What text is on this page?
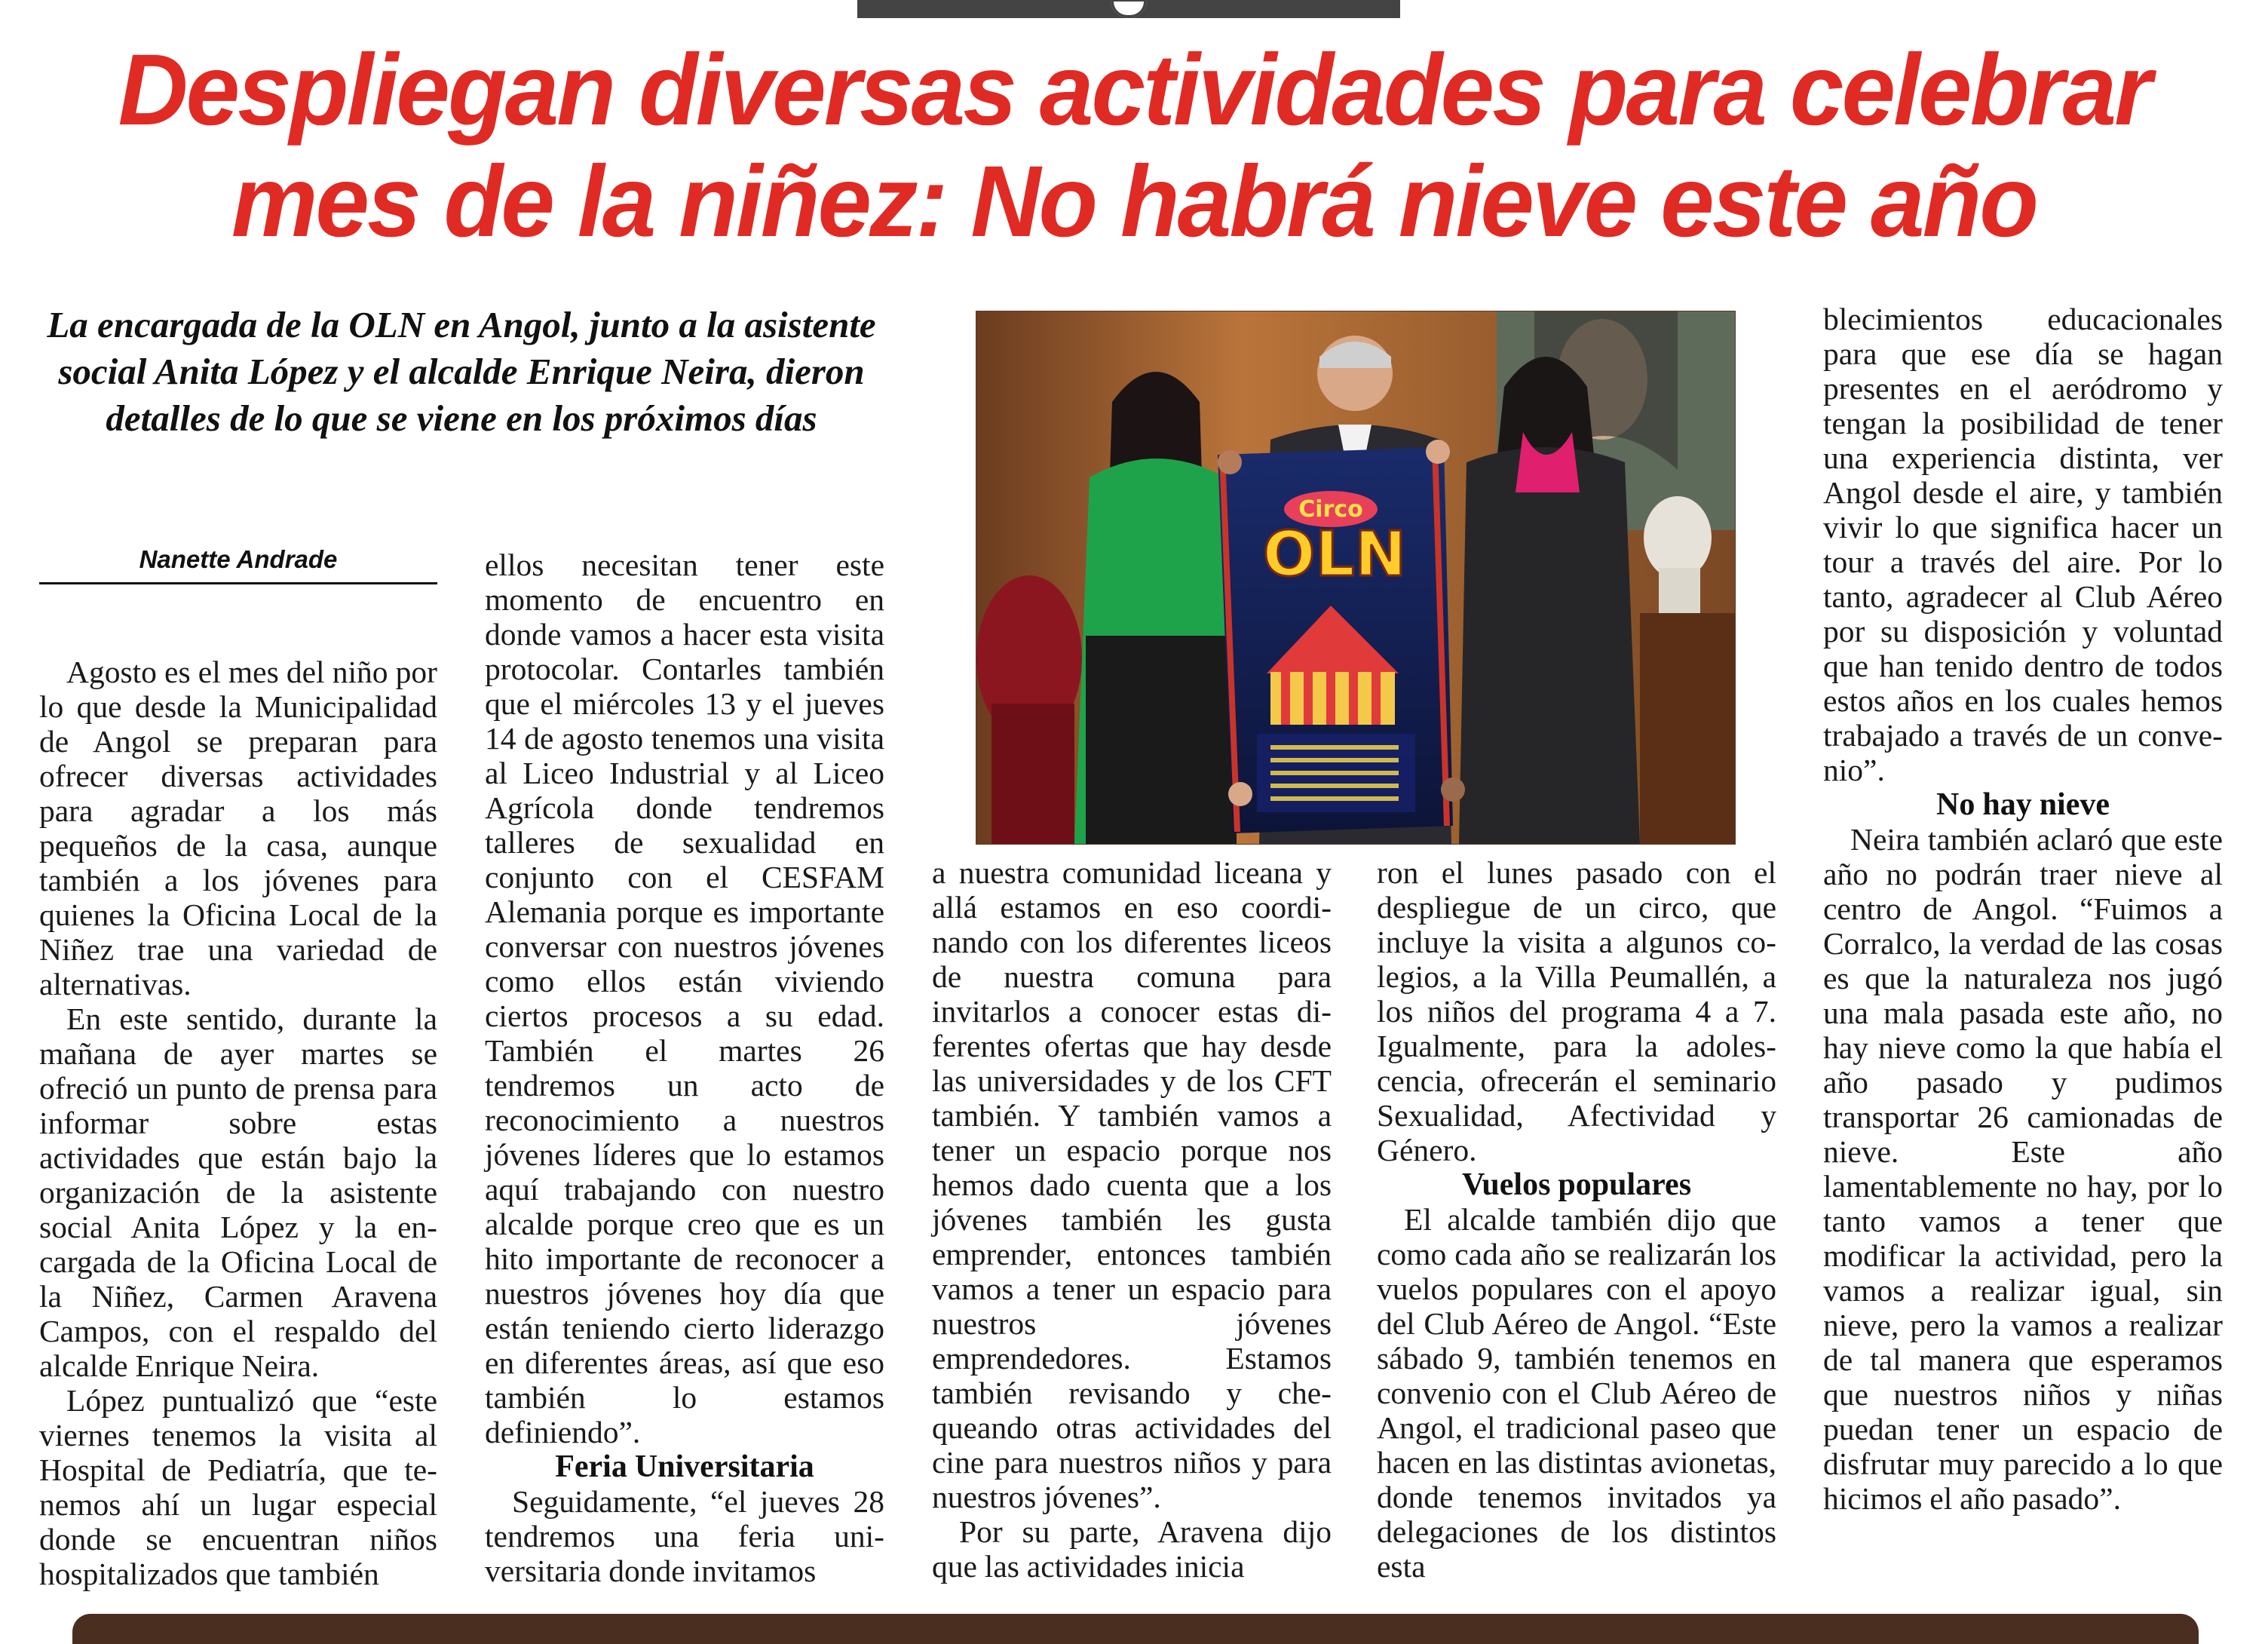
Despliegan diversas actividades para celebrar
mes de la niñez: No habrá nieve este año
La encargada de la OLN en Angol, junto a la asistente social Anita López y el alcalde Enrique Neira, dieron detalles de lo que se viene en los próximos días
Nanette Andrade

Agosto es el mes del niño por lo que desde la Municipalidad de Angol se preparan para ofrecer diversas actividades para agradar a los más pequeños de la casa, aunque también a los jóvenes para quienes la Oficina Local de la Niñez trae una variedad de alternativas.

En este sentido, durante la mañana de ayer martes se ofreció un punto de prensa para informar sobre estas actividades que están bajo la organización de la asistente social Anita López y la encargada de la Oficina Local de la Niñez, Carmen Aravena Campos, con el respaldo del alcalde Enrique Neira.

López puntualizó que “este viernes tenemos la visita al Hospital de Pediatría, que tenemos ahí un lugar especial donde se encuentran niños hospitalizados que también

ellos necesitan tener este momento de encuentro en donde vamos a hacer esta visita protocolar. Contarles también que el miércoles 13 y el jueves 14 de agosto tenemos una visita al Liceo Industrial y al Liceo Agrícola donde tendremos talleres de sexualidad en conjunto con el CESFAM Alemania porque es importante conversar con nuestros jóvenes como ellos están viviendo ciertos procesos a su edad. También el martes 26 tendremos un acto de reconocimiento a nuestros jóvenes líderes que lo estamos aquí trabajando con nuestro alcalde porque creo que es un hito importante de reconocer a nuestros jóvenes hoy día que están teniendo cierto liderazgo en diferentes áreas, así que eso también lo estamos definiendo”.

Feria Universitaria

Seguidamente, “el jueves 28 tendremos una feria universitaria donde invitamos

Circo
OLN

a nuestra comunidad liceana y allá estamos en eso coordinando con los diferentes liceos de nuestra comuna para invitarlos a conocer estas diferentes ofertas que hay desde las universidades y de los CFT también. Y también vamos a tener un espacio porque nos hemos dado cuenta que a los jóvenes también les gusta emprender, entonces también vamos a tener un espacio para nuestros jóvenes emprendedores. Estamos también revisando y chequeando otras actividades del cine para nuestros niños y para nuestros jóvenes”.

Por su parte, Aravena dijo que las actividades inicia

ron el lunes pasado con el despliegue de un circo, que incluye la visita a algunos colegios, a la Villa Peumallén, a los niños del programa 4 a 7. Igualmente, para la adolescencia, ofrecerán el seminario Sexualidad, Afectividad y Género.

Vuelos populares

El alcalde también dijo que como cada año se realizarán los vuelos populares con el apoyo del Club Aéreo de Angol. “Este sábado 9, también tenemos en convenio con el Club Aéreo de Angol, el tradicional paseo que hacen en las distintas avionetas, donde tenemos invitados ya delegaciones de los distintos esta

blecimientos educacionales para que ese día se hagan presentes en el aeródromo y tengan la posibilidad de tener una experiencia distinta, ver Angol desde el aire, y también vivir lo que significa hacer un tour a través del aire. Por lo tanto, agradecer al Club Aéreo por su disposición y voluntad que han tenido dentro de todos estos años en los cuales hemos trabajado a través de un convenio”.

No hay nieve

Neira también aclaró que este año no podrán traer nieve al centro de Angol. “Fuimos a Corralco, la verdad de las cosas es que la naturaleza nos jugó una mala pasada este año, no hay nieve como la que había el año pasado y pudimos transportar 26 camionadas de nieve. Este año lamentablemente no hay, por lo tanto vamos a tener que modificar la actividad, pero la vamos a realizar igual, sin nieve, pero la vamos a realizar de tal manera que esperamos que nuestros niños y niñas puedan tener un espacio de disfrutar muy parecido a lo que hicimos el año pasado”.
